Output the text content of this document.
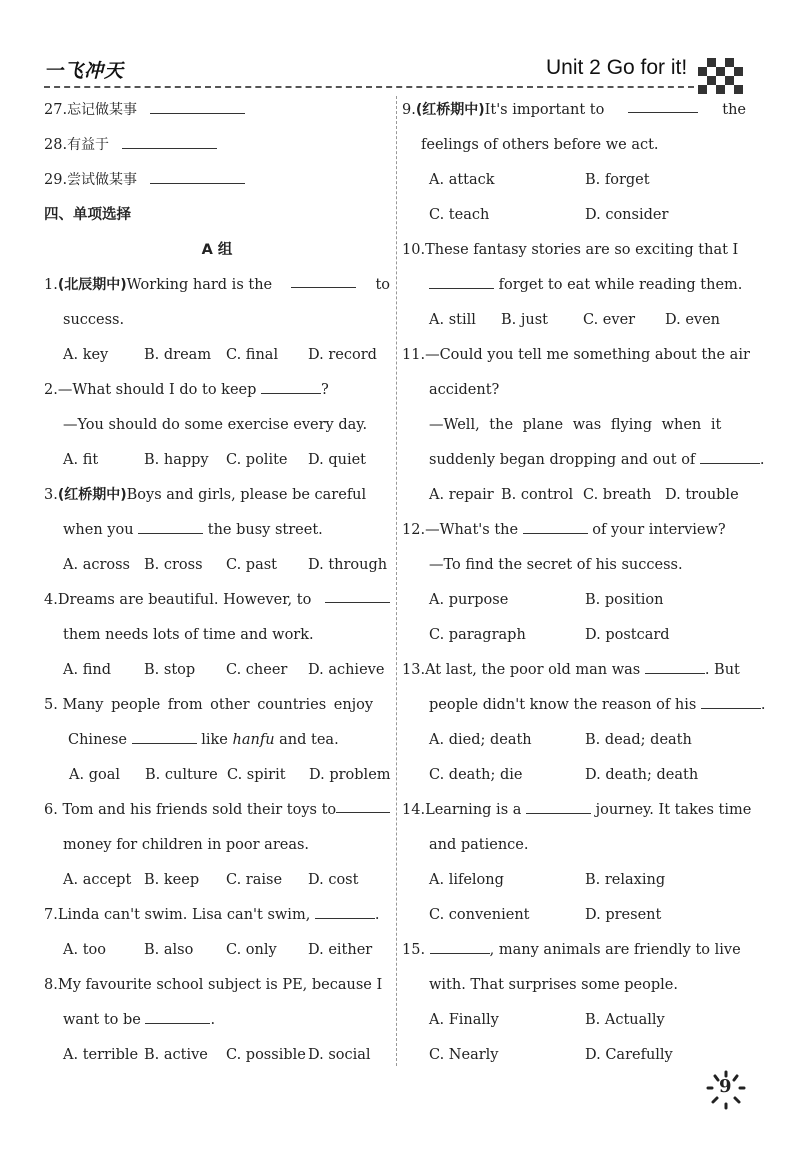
一飞冲天	Unit 2 Go for it!
27.忘记做某事
28.有益于
29.尝试做某事
四、单项选择
A 组
1.(北辰期中)Working hard is the	to
success.
A. key	B. dream	C. final	D. record
2.—What should I do to keep	?
—You should do some exercise every day.
A. fit	B. happy	C. polite	D. quiet
3.(红桥期中)Boys and girls, please be careful
when you	the busy street.
A. across B. cross	C. past	D. through
4.Dreams are beautiful. However, to
them needs lots of time and work.
A. find	B. stop	C. cheer	D. achieve
5. Many people from other countries enjoy
Chinese	like hanfu and tea.
A. goal	B. culture C. spirit	D. problem
6. Tom and his friends sold their toys to
money for children in poor areas.
A. accept B. keep	C. raise	D. cost
7.Linda can't swim. Lisa can't swim,	.
A. too	B. also	C. only	D. either
8.My favourite school subject is PE, because I
want to be	.
A. terrible B. active	C. possible D. social
9.(红桥期中)It's important to	the
feelings of others before we act.
A. attack	B. forget
C. teach	D. consider
10.These fantasy stories are so exciting that I
forget to eat while reading them.
A. still	B. just	C. ever	D. even
11.—Could you tell me something about the air
accident?
—Well, the plane was flying when it
suddenly began dropping and out of	.
A. repair B. control C. breath D. trouble
12.—What's the	of your interview?
—To find the secret of his success.
A. purpose	B. position
C. paragraph	D. postcard
13.At last, the poor old man was	. But
people didn't know the reason of his	.
A. died; death	B. dead; death
C. death; die	D. death; death
14.Learning is a	journey. It takes time
and patience.
A. lifelong	B. relaxing
C. convenient	D. present
15.	, many animals are friendly to live
with. That surprises some people.
A. Finally	B. Actually
C. Nearly	D. Carefully
9
